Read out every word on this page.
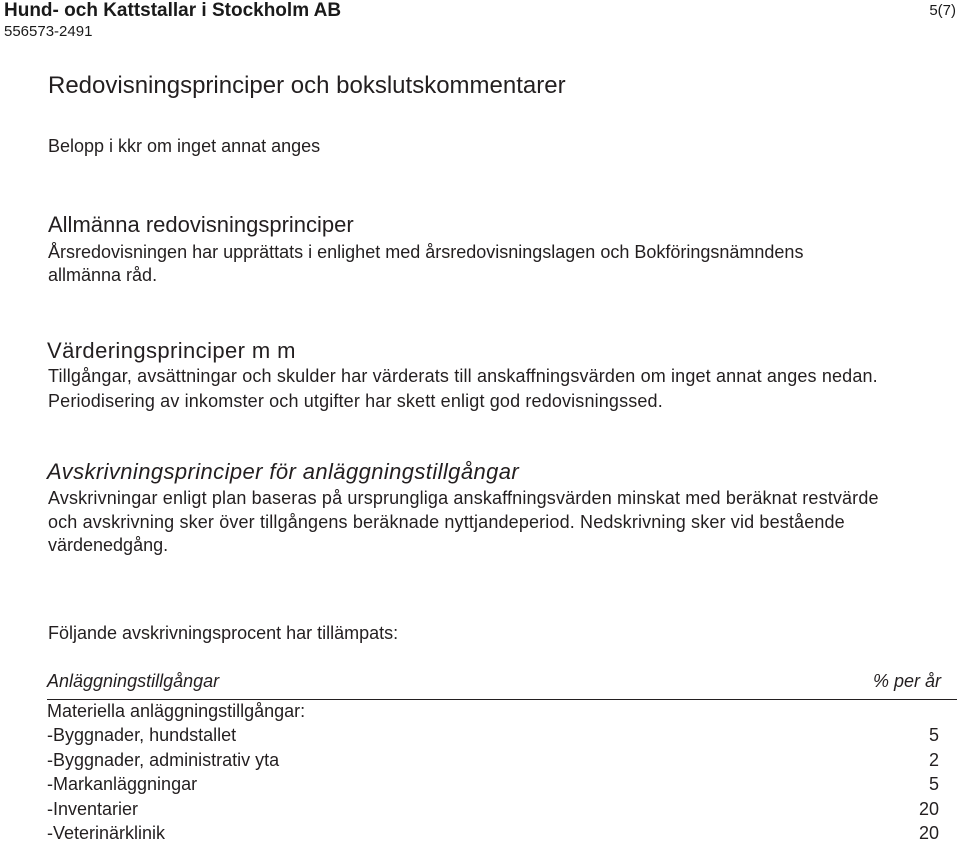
Hund- och Kattstallar i Stockholm AB
556573-2491
5(7)
Redovisningsprinciper och bokslutskommentarer
Belopp i kkr om inget annat anges
Allmänna redovisningsprinciper
Årsredovisningen har upprättats i enlighet med årsredovisningslagen och Bokföringsnämndens
allmänna råd.
Värderingsprinciper m m
Tillgångar, avsättningar och skulder har värderats till anskaffningsvärden om inget annat anges nedan.
Periodisering av inkomster och utgifter har skett enligt god redovisningssed.
Avskrivningsprinciper för anläggningstillgångar
Avskrivningar enligt plan baseras på ursprungliga anskaffningsvärden minskat med beräknat restvärde
och avskrivning sker över tillgångens beräknade nyttjandeperiod. Nedskrivning sker vid bestående
värdenedgång.
Följande avskrivningsprocent har tillämpats:
Anläggningstillgångar	% per år
Materiella anläggningstillgångar:
-Byggnader, hundstallet	5
-Byggnader, administrativ yta	2
-Markanläggningar	5
-Inventarier	20
-Veterinärklinik	20
